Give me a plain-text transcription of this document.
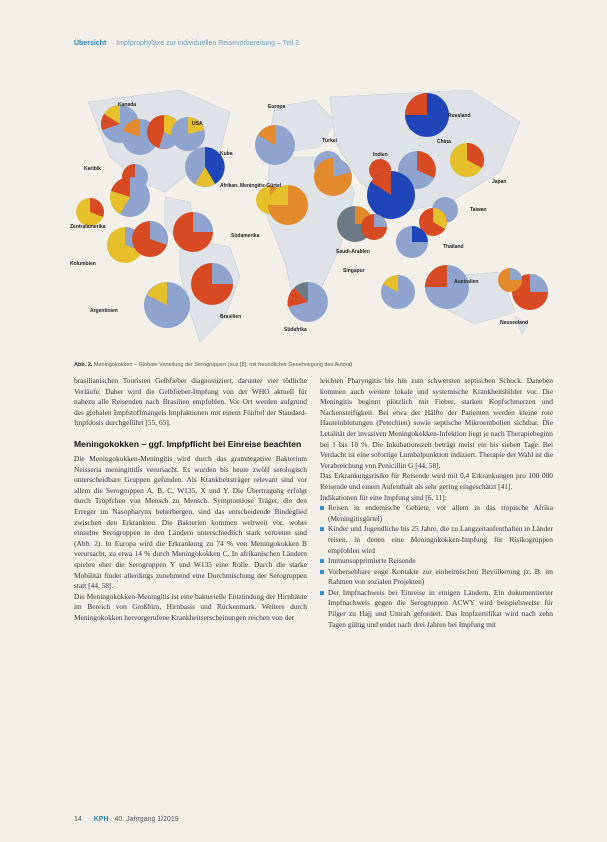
Übersicht Impfprophylaxe zur individuellen Reisevorbereitung – Teil 2
Kanada
USA
Karibik
Zentralamerika
Kolumbien
Argentinien
Brasilien
Europa
Kuba
Afrikan. Meningitis-Gürtel
Südamerika
Südafrika
Türkei
Indien
Russland
China
Japan
Taiwan
Saudi-Arabien
Thailand
Singapur
Australien
Neuseeland
Abb. 2. Meningokokken – Globale Verteilung der Serogruppen (aus [8]; mit freundlicher Genehmigung des Autors)

brasilianischen Touristen Gelbfieber diagnostiziert, darunter vier tödliche Verläufe. Daher wird die Gelbfieber-Impfung von der WHO aktuell für nahezu alle Reisenden nach Brasilien empfohlen. Vor Ort werden aufgrund des globalen Impfstoffmangels Impfaktionen mit einem Fünftel der Standard-Impfdosis durchgeführt [55, 65].

Meningokokken – ggf. Impfpflicht bei Einreise beachten

Die Meningokokken-Meningitis wird durch das gramnegative Bakterium Neisseria meningitidis verursacht. Es wurden bis heute zwölf serologisch unterscheidbare Gruppen gefunden. Als Krankheitsträger relevant sind vor allem die Serogruppen A, B, C, W135, X und Y. Die Übertragung erfolgt durch Tröpfchen von Mensch zu Mensch. Symptomlose Träger, die den Erreger im Nasopharynx beherbergen, sind das entscheidende Bindeglied zwischen den Erkrankten. Die Bakterien kommen weltweit vor, wobei einzelne Serogruppen in den Ländern unterschiedlich stark vertreten sind (Abb. 2). In Europa wird die Erkrankung zu 74 % von Meningokokken B verursacht, zu etwa 14 % durch Meningokokken C. In afrikanischen Ländern spielen eher die Serogruppen Y und W135 eine Rolle. Durch die starke Mobilität findet allerdings zunehmend eine Durchmischung der Serogruppen statt [44, 58].

Die Meningokokken-Meningitis ist eine bakterielle Entzündung der Hirnhäute im Bereich von Großhirn, Hirnbasis und Rückenmark. Weitere durch Meningokokken hervorgerufene Krankheitserscheinungen reichen von der

leichten Pharyngitis bis hin zum schwersten septischen Schock. Daneben kommen auch weitere lokale und systemische Krankheitsbilder vor. Die Meningitis beginnt plötzlich mit Fieber, starken Kopfschmerzen und Nackensteifigkeit. Bei etwa der Hälfte der Patienten werden kleine rote Hauteinblutungen (Petechien) sowie septische Mikroembolien sichtbar. Die Letalität der invasiven Meningokokken-Infektion liegt je nach Therapiebeginn bei 1 bis 10 %. Die Inkubationszeit beträgt meist ein bis sieben Tage. Bei Verdacht ist eine sofortige Lumbalpunktion indiziert. Therapie der Wahl ist die Verabreichung von Penicillin G [44, 58].

Das Erkrankungsrisiko für Reisende wird mit 0,4 Erkrankungen pro 100 000 Reisende und einem Aufenthalt als sehr gering eingeschätzt [41].

Indikationen für eine Impfung sind [6, 11]:

Reisen in endemische Gebiete, vor allem in das tropische Afrika (Meningitisgürtel)
Kinder und Jugendliche bis 25 Jahre, die zu Langzeitaufenthalten in Länder reisen, in denen eine Meningokokken-Impfung für Risikogruppen empfohlen wird
Immunsupprimierte Reisende
Vorhersehbare enge Kontakte zur einheimischen Bevölkerung (z. B. im Rahmen von sozialen Projekten)
Der Impfnachweis bei Einreise in einigen Ländern. Ein dokumentierter Impfnachweis gegen die Serogruppen ACWY wird beispielsweise für Pilger zu Hajj und Umrah gefordert. Das Impfzertifikat wird nach zehn Tagen gültig und endet nach drei Jahren bei Impfung mit
14 KPH 40. Jahrgang 1/2019
